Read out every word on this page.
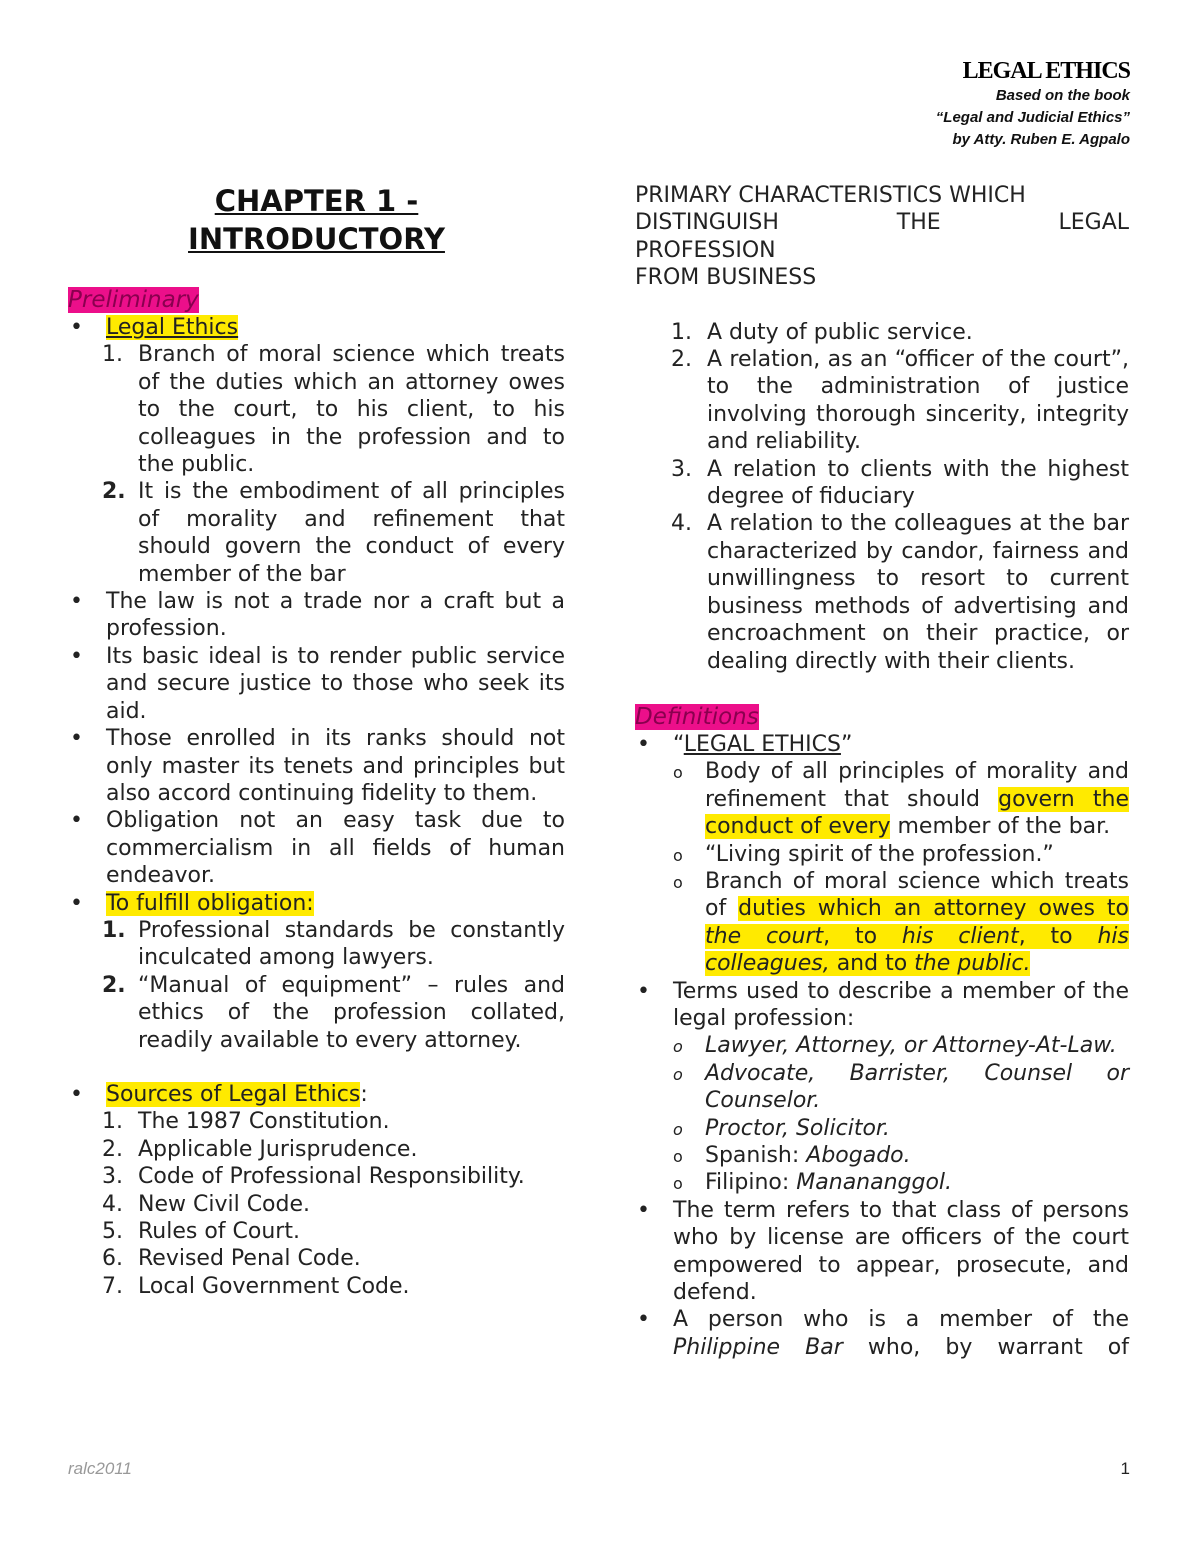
LEGAL ETHICS
Based on the book
“Legal and Judicial Ethics”
by Atty. Ruben E. Agpalo
CHAPTER 1 -
INTRODUCTORY
Preliminary
• Legal Ethics
1. Branch of moral science which treats of the duties which an attorney owes to the court, to his client, to his colleagues in the profession and to the public.
2. It is the embodiment of all principles of morality and refinement that should govern the conduct of every member of the bar
• The law is not a trade nor a craft but a profession.
• Its basic ideal is to render public service and secure justice to those who seek its aid.
• Those enrolled in its ranks should not only master its tenets and principles but also accord continuing fidelity to them.
• Obligation not an easy task due to commercialism in all fields of human endeavor.
• To fulfill obligation:
1. Professional standards be constantly inculcated among lawyers.
2. “Manual of equipment” – rules and ethics of the profession collated, readily available to every attorney.
• Sources of Legal Ethics:
1. The 1987 Constitution.
2. Applicable Jurisprudence.
3. Code of Professional Responsibility.
4. New Civil Code.
5. Rules of Court.
6. Revised Penal Code.
7. Local Government Code.
PRIMARY CHARACTERISTICS WHICH
DISTINGUISH	THE	LEGAL
PROFESSION
FROM BUSINESS
1. A duty of public service.
2. A relation, as an “officer of the court”, to the administration of justice involving thorough sincerity, integrity and reliability.
3. A relation to clients with the highest degree of fiduciary
4. A relation to the colleagues at the bar characterized by candor, fairness and unwillingness to resort to current business methods of advertising and encroachment on their practice, or dealing directly with their clients.
Definitions
• “LEGAL ETHICS”
o Body of all principles of morality and refinement that should govern the conduct of every member of the bar.
o “Living spirit of the profession.”
o Branch of moral science which treats of duties which an attorney owes to the court, to his client, to his colleagues, and to the public.
• Terms used to describe a member of the legal profession:
o Lawyer, Attorney, or Attorney-At-Law.
o Advocate, Barrister, Counsel or Counselor.
o Proctor, Solicitor.
o Spanish: Abogado.
o Filipino: Manananggol.
• The term refers to that class of persons who by license are officers of the court empowered to appear, prosecute, and defend.
• A person who is a member of the Philippine Bar who, by warrant of
ralc2011	1
